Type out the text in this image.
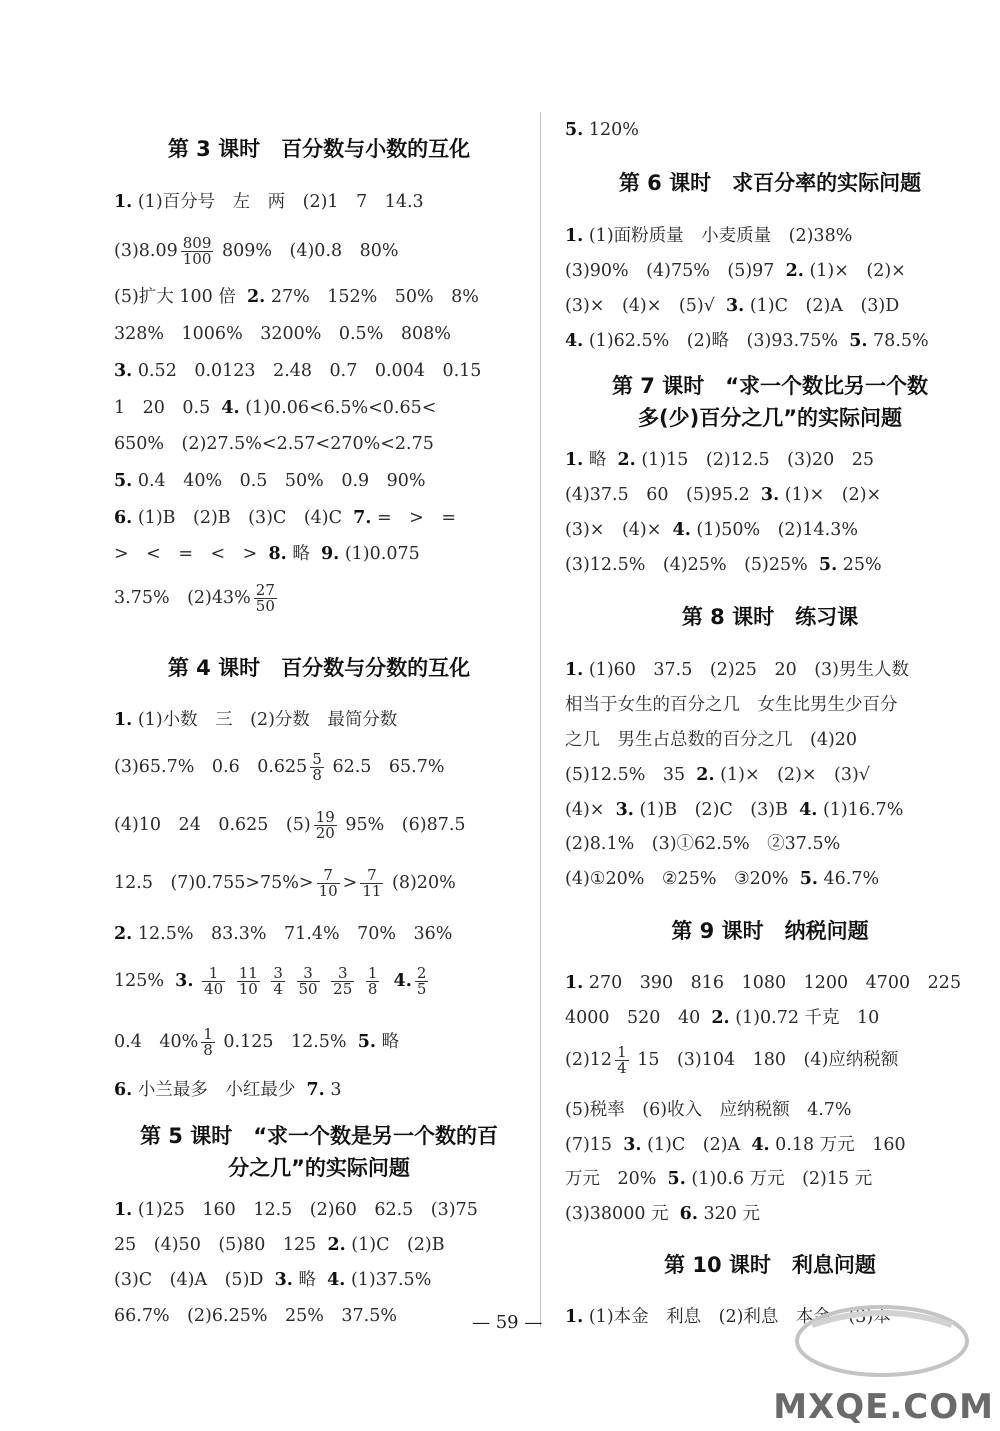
第 3 课时　百分数与小数的互化
1. (1)百分号　左　两　(2)1　7　14.3
$(3)8.09 \frac{809}{100} 809\%$　(4)0.8　80%
(5)扩大 100 倍 2. 27%　152%　50%　8%
328%　1006%　3200%　0.5%　808%
3. 0.52　0.0123　2.48　0.7　0.004　0.15
1　20　0.5 4. (1)0.06<6.5%<0.65<
650%　(2)27.5%<2.57<270%<2.75
5. 0.4　40%　0.5　50%　0.9　90%
6. (1)B　(2)B　(3)C　(4)C 7. =　>　=
>　<　=　<　> 8. 略 9. (1)0.075
3.75%　$(2)43\% \frac{27}{50}$
第 4 课时　百分数与分数的互化
1. (1)小数　三　(2)分数　最简分数
(3)65.7%　0.6　$0.625 \frac{5}{8} 62.5$　65.7%
(4)10　24　0.625　$(5) \frac{19}{20} 95\%$　(6)87.5
12.5　$(7)0.755>75\%> \frac{7}{10} > \frac{7}{11} (8)20\%$
2. 12.5%　83.3%　71.4%　70%　36%
125% 3. $\frac{1}{40}$
$\frac{11}{10}$
$\frac{3}{4}$
$\frac{3}{50}$
$\frac{3}{25}$
$\frac{1}{8} 4$. $\frac{2}{5}$
0.4　$40\% \frac{1}{8} 0.125$　12.5% 5. 略
6. 小兰最多　小红最少 7. 3
第 5 课时　“求一个数是另一个数的百
分之几”的实际问题
1. (1)25　160　12.5　(2)60　62.5　(3)75
25　(4)50　(5)80　125 2. (1)C　(2)B
(3)C　(4)A　(5)D 3. 略 4. (1)37.5%
66.7%　(2)6.25%　25%　37.5%
5. 120%
第 6 课时　求百分率的实际问题
1. (1)面粉质量　小麦质量　(2)38%
(3)90%　(4)75%　(5)97 2. (1)×　(2)×
(3)×　(4)×　(5)√ 3. (1)C　(2)A　(3)D
4. (1)62.5%　(2)略　(3)93.75% 5. 78.5%
第 7 课时　“求一个数比另一个数
多(少)百分之几”的实际问题
1. 略 2. (1)15　(2)12.5　(3)20　25
(4)37.5　60　(5)95.2 3. (1)×　(2)×
(3)×　(4)× 4. (1)50%　(2)14.3%
(3)12.5%　(4)25%　(5)25% 5. 25%
第 8 课时　练习课
1. (1)60　37.5　(2)25　20　(3)男生人数
相当于女生的百分之几　女生比男生少百分
之几　男生占总数的百分之几　(4)20
(5)12.5%　35 2. (1)×　(2)×　(3)√
(4)× 3. (1)B　(2)C　(3)B 4. (1)16.7%
(2)8.1%　(3)①62.5%　②37.5%
(4)①20%　②25%　③20% 5. 46.7%
第 9 课时　纳税问题
1. 270　390　816　1080　1200　4700　225
4000　520　40 2. (1)0.72 千克　10
$(2)12 \frac{1}{4} 15$　(3)104　180　(4)应纳税额
(5)税率　(6)收入　应纳税额　4.7%
(7)15 3. (1)C　(2)A 4. 0.18 万元　160
万元　20% 5. (1)0.6 万元　(2)15 元
(3)38000 元 6. 320 元
第 10 课时　利息问题
1. (1)本金　利息　(2)利息　本金　(3)本
— 59 —
MXQE.COM
